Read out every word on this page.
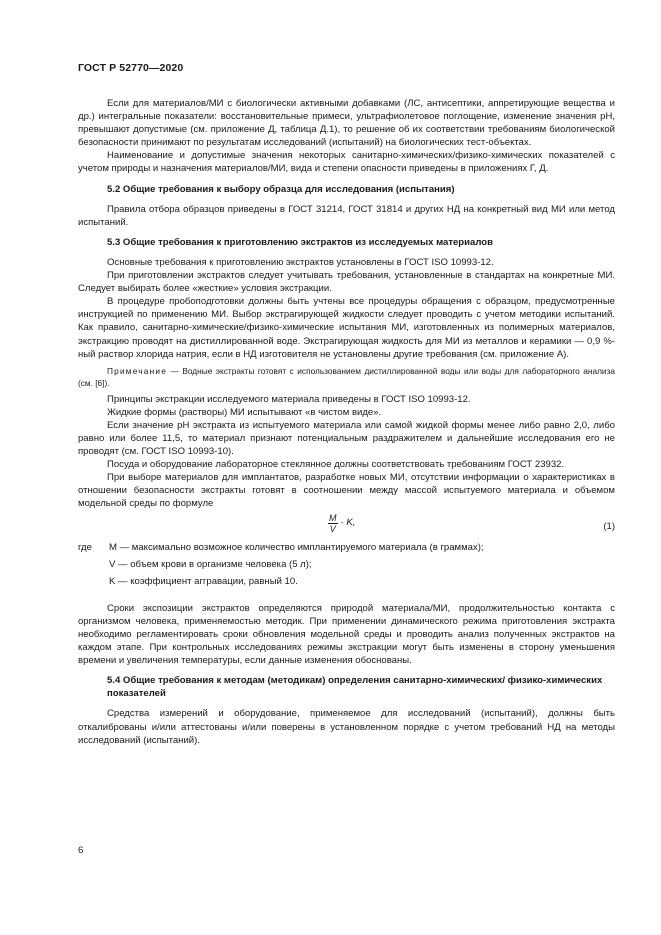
ГОСТ Р 52770—2020

Если для материалов/МИ с биологически активными добавками (ЛС, антисептики, аппретирующие вещества и др.) интегральные показатели: восстановительные примеси, ультрафиолетовое поглощение, изменение значения рН, превышают допустимые (см. приложение Д, таблица Д.1), то решение об их соответствии требованиям биологической безопасности принимают по результатам исследований (испытаний) на биологических тест-объектах.

Наименование и допустимые значения некоторых санитарно-химических/физико-химических показателей с учетом природы и назначения материалов/МИ, вида и степени опасности приведены в приложениях Г, Д.

5.2 Общие требования к выбору образца для исследования (испытания)

Правила отбора образцов приведены в ГОСТ 31214, ГОСТ 31814 и других НД на конкретный вид МИ или метод испытаний.

5.3 Общие требования к приготовлению экстрактов из исследуемых материалов

Основные требования к приготовлению экстрактов установлены в ГОСТ ISO 10993-12.

При приготовлении экстрактов следует учитывать требования, установленные в стандартах на конкретные МИ. Следует выбирать более «жесткие» условия экстракции.

В процедуре пробоподготовки должны быть учтены все процедуры обращения с образцом, предусмотренные инструкцией по применению МИ. Выбор экстрагирующей жидкости следует проводить с учетом методики испытаний. Как правило, санитарно-химические/физико-химические испытания МИ, изготовленных из полимерных материалов, экстракцию проводят на дистиллированной воде. Экстрагирующая жидкость для МИ из металлов и керамики — 0,9 %-ный раствор хлорида натрия, если в НД изготовителя не установлены другие требования (см. приложение А).

Примечание — Водные экстракты готовят с использованием дистиллированной воды или воды для лабораторного анализа (см. [6]).

Принципы экстракции исследуемого материала приведены в ГОСТ ISO 10993-12.

Жидкие формы (растворы) МИ испытывают «в чистом виде».

Если значение рН экстракта из испытуемого материала или самой жидкой формы менее либо равно 2,0, либо равно или более 11,5, то материал признают потенциальным раздражителем и дальнейшие исследования его не проводят (см. ГОСТ ISO 10993-10).

Посуда и оборудование лабораторное стеклянное должны соответствовать требованиям ГОСТ 23932.

При выборе материалов для имплантатов, разработке новых МИ, отсутствии информации о характеристиках в отношении безопасности экстракты готовят в соотношении между массой испытуемого материала и объемом модельной среды по формуле

$\frac{M}{V} \cdot K$,	(1)
где M — максимально возможное количество имплантируемого материала (в граммах);
V — объем крови в организме человека (5 л);
K — коэффициент аггравации, равный 10.

Сроки экспозиции экстрактов определяются природой материала/МИ, продолжительностью контакта с организмом человека, применяемостью методик. При применении динамического режима приготовления экстракта необходимо регламентировать сроки обновления модельной среды и проводить анализ полученных экстрактов на каждом этапе. При контрольных исследованиях режимы экстракции могут быть изменены в сторону уменьшения времени и увеличения температуры, если данные изменения обоснованы.

5.4 Общие требования к методам (методикам) определения санитарно-химических/ физико-химических показателей

Средства измерений и оборудование, применяемое для исследований (испытаний), должны быть откалиброваны и/или аттестованы и/или поверены в установленном порядке с учетом требований НД на методы исследований (испытаний).

6
